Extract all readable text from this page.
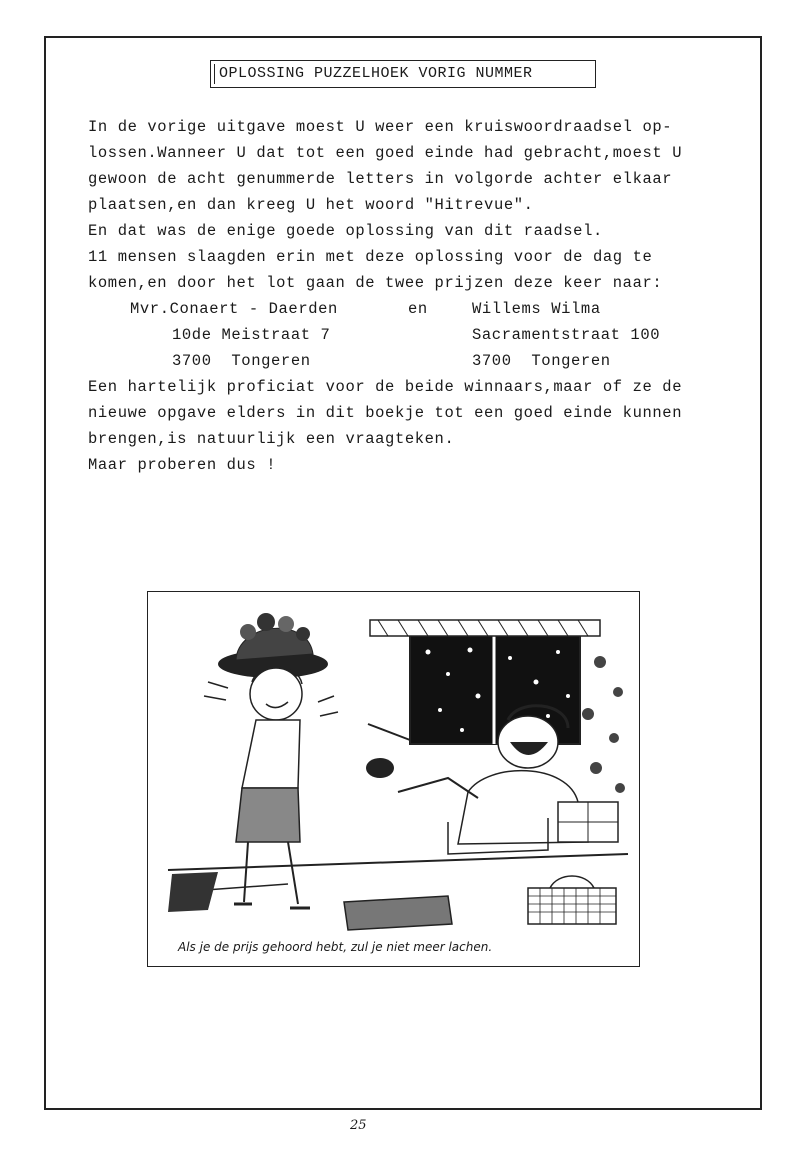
OPLOSSING PUZZELHOEK VORIG NUMMER
In de vorige uitgave moest U weer een kruiswoordraadsel op-
lossen.Wanneer U dat tot een goed einde had gebracht,moest U
gewoon de acht genummerde letters in volgorde achter elkaar
plaatsen,en dan kreeg U het woord "Hitrevue".
En dat was de enige goede oplossing van dit raadsel.
11 mensen slaagden erin met deze oplossing voor de dag te
komen,en door het lot gaan de twee prijzen deze keer naar:
Mvr.Conaert - Daerden	en	Willems Wilma
10de Meistraat 7	Sacramentstraat 100
3700  Tongeren	3700  Tongeren
Een hartelijk proficiat voor de beide winnaars,maar of ze de
nieuwe opgave elders in dit boekje tot een goed einde kunnen
brengen,is natuurlijk een vraagteken.
Maar proberen dus !
Als je de prijs gehoord hebt, zul je niet meer lachen.
25
